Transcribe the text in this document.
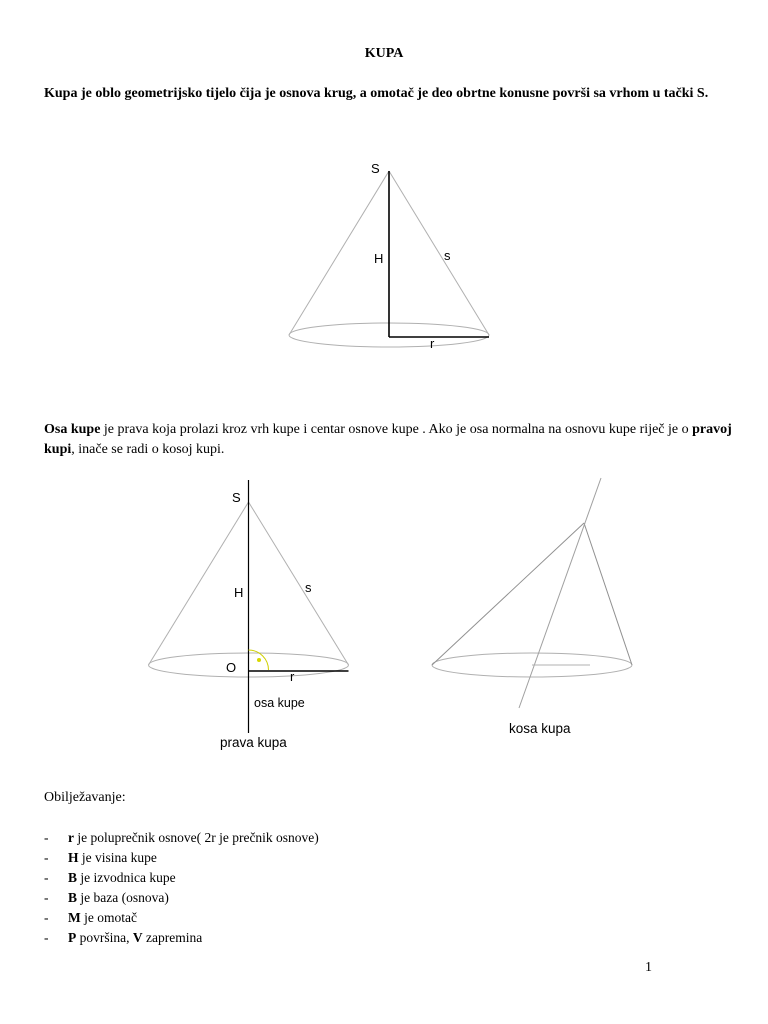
KUPA
Kupa je oblo geometrijsko tijelo čija je osnova krug, a omotač je deo obrtne konusne površi sa vrhom u tački S.
S
H	s
r
Osa kupe je prava koja prolazi kroz vrh kupe i centar osnove kupe . Ako je osa normalna na osnovu kupe riječ je o pravoj kupi, inače se radi o kosoj kupi.
S
H	s
O
r
osa kupe
prava kupa
kosa kupa
Obilježavanje:
- r je poluprečnik osnove( 2r je prečnik osnove)
- H je visina kupe
- B je izvodnica kupe
- B je baza (osnova)
- M je omotač
- P površina, V zapremina
1
